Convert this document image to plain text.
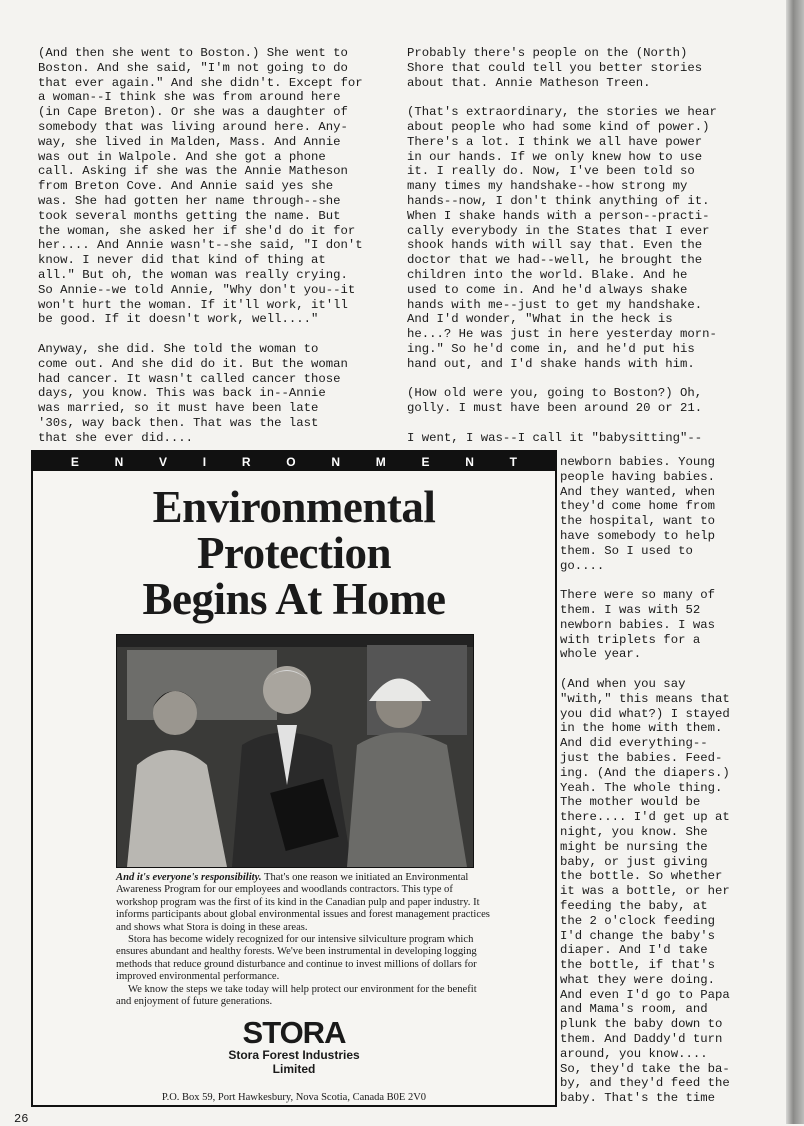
(And then she went to Boston.) She went to
Boston. And she said, "I'm not going to do
that ever again." And she didn't. Except for
a woman--I think she was from around here
(in Cape Breton). Or she was a daughter of
somebody that was living around here. Any-
way, she lived in Malden, Mass. And Annie
was out in Walpole. And she got a phone
call. Asking if she was the Annie Matheson
from Breton Cove. And Annie said yes she
was. She had gotten her name through--she
took several months getting the name. But
the woman, she asked her if she'd do it for
her.... And Annie wasn't--she said, "I don't
know. I never did that kind of thing at
all." But oh, the woman was really crying.
So Annie--we told Annie, "Why don't you--it
won't hurt the woman. If it'll work, it'll
be good. If it doesn't work, well...."
Anyway, she did. She told the woman to
come out. And she did do it. But the woman
had cancer. It wasn't called cancer those
days, you know. This was back in--Annie
was married, so it must have been late
'30s, way back then. That was the last
that she ever did....
Probably there's people on the (North)
Shore that could tell you better stories
about that. Annie Matheson Treen.
(That's extraordinary, the stories we hear
about people who had some kind of power.)
There's a lot. I think we all have power
in our hands. If we only knew how to use
it. I really do. Now, I've been told so
many times my handshake--how strong my
hands--now, I don't think anything of it.
When I shake hands with a person--practi-
cally everybody in the States that I ever
shook hands with will say that. Even the
doctor that we had--well, he brought the
children into the world. Blake. And he
used to come in. And he'd always shake
hands with me--just to get my handshake.
And I'd wonder, "What in the heck is
he...? He was just in here yesterday morn-
ing." So he'd come in, and he'd put his
hand out, and I'd shake hands with him.
(How old were you, going to Boston?) Oh,
golly. I must have been around 20 or 21.
I went, I was--I call it "babysitting"--
newborn babies. Young
people having babies.
And they wanted, when
they'd come home from
the hospital, want to
have somebody to help
them. So I used to
go....
There were so many of
them. I was with 52
newborn babies. I was
with triplets for a
whole year.
(And when you say
"with," this means that
you did what?) I stayed
in the home with them.
And did everything--
just the babies. Feed-
ing. (And the diapers.)
Yeah. The whole thing.
The mother would be
there.... I'd get up at
night, you know. She
might be nursing the
baby, or just giving
the bottle. So whether
it was a bottle, or her
feeding the baby, at
the 2 o'clock feeding
I'd change the baby's
diaper. And I'd take
the bottle, if that's
what they were doing.
And even I'd go to Papa
and Mama's room, and
plunk the baby down to
them. And Daddy'd turn
around, you know....
So, they'd take the ba-
by, and they'd feed the
baby. That's the time
E	N	V	I	R	O	N	M	E	N	T
Environmental
Protection
Begins At Home

And it's everyone's responsibility. That's one reason we initiated an Environmental Awareness Program for our employees and woodlands contractors. This type of workshop program was the first of its kind in the Canadian pulp and paper industry. It informs participants about global environmental issues and forest management practices and shows what Stora is doing in these areas.

Stora has become widely recognized for our intensive silviculture program which ensures abundant and healthy forests. We've been instrumental in developing logging methods that reduce ground disturbance and continue to invest millions of dollars for improved environmental performance.

We know the steps we take today will help protect our environment for the benefit and enjoyment of future generations.

STORA
Stora Forest Industries
Limited
P.O. Box 59, Port Hawkesbury, Nova Scotia, Canada B0E 2V0
26
